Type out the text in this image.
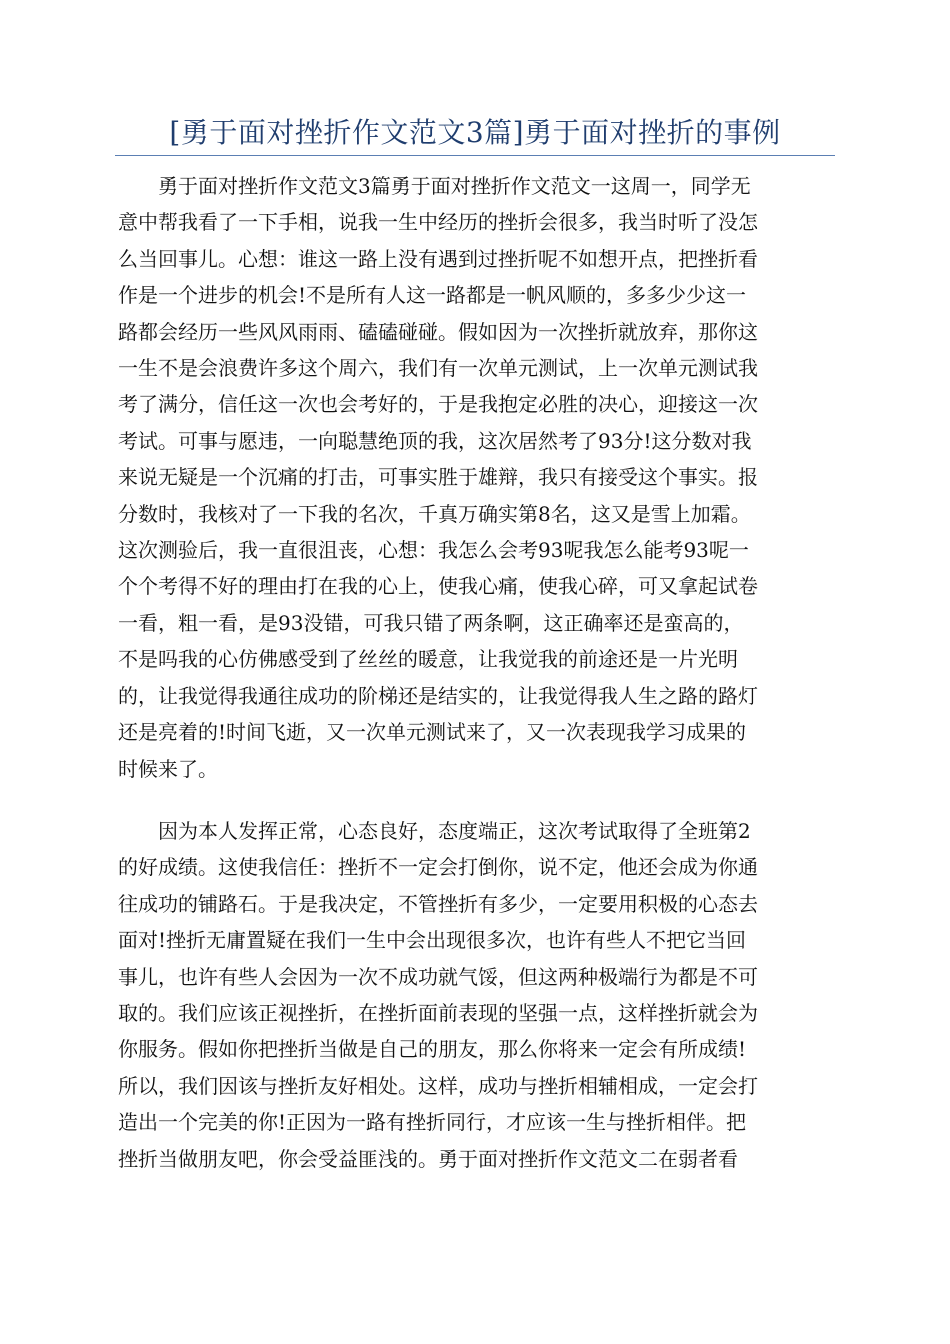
[勇于面对挫折作文范文3篇]勇于面对挫折的事例

　　勇于面对挫折作文范文3篇勇于面对挫折作文范文一这周一，同学无
意中帮我看了一下手相，说我一生中经历的挫折会很多，我当时听了没怎
么当回事儿。心想：谁这一路上没有遇到过挫折呢不如想开点，把挫折看
作是一个进步的机会!不是所有人这一路都是一帆风顺的，多多少少这一
路都会经历一些风风雨雨、磕磕碰碰。假如因为一次挫折就放弃，那你这
一生不是会浪费许多这个周六，我们有一次单元测试，上一次单元测试我
考了满分，信任这一次也会考好的，于是我抱定必胜的决心，迎接这一次
考试。可事与愿违，一向聪慧绝顶的我，这次居然考了93分!这分数对我
来说无疑是一个沉痛的打击，可事实胜于雄辩，我只有接受这个事实。报
分数时，我核对了一下我的名次，千真万确实第8名，这又是雪上加霜。
这次测验后，我一直很沮丧，心想：我怎么会考93呢我怎么能考93呢一
个个考得不好的理由打在我的心上，使我心痛，使我心碎，可又拿起试卷
一看，粗一看，是93没错，可我只错了两条啊，这正确率还是蛮高的，
不是吗我的心仿佛感受到了丝丝的暖意，让我觉我的前途还是一片光明
的，让我觉得我通往成功的阶梯还是结实的，让我觉得我人生之路的路灯
还是亮着的!时间飞逝，又一次单元测试来了，又一次表现我学习成果的
时候来了。

　　因为本人发挥正常，心态良好，态度端正，这次考试取得了全班第2
的好成绩。这使我信任：挫折不一定会打倒你，说不定，他还会成为你通
往成功的铺路石。于是我决定，不管挫折有多少，一定要用积极的心态去
面对!挫折无庸置疑在我们一生中会出现很多次，也许有些人不把它当回
事儿，也许有些人会因为一次不成功就气馁，但这两种极端行为都是不可
取的。我们应该正视挫折，在挫折面前表现的坚强一点，这样挫折就会为
你服务。假如你把挫折当做是自己的朋友，那么你将来一定会有所成绩!
所以，我们因该与挫折友好相处。这样，成功与挫折相辅相成，一定会打
造出一个完美的你!正因为一路有挫折同行，才应该一生与挫折相伴。把
挫折当做朋友吧，你会受益匪浅的。勇于面对挫折作文范文二在弱者看
